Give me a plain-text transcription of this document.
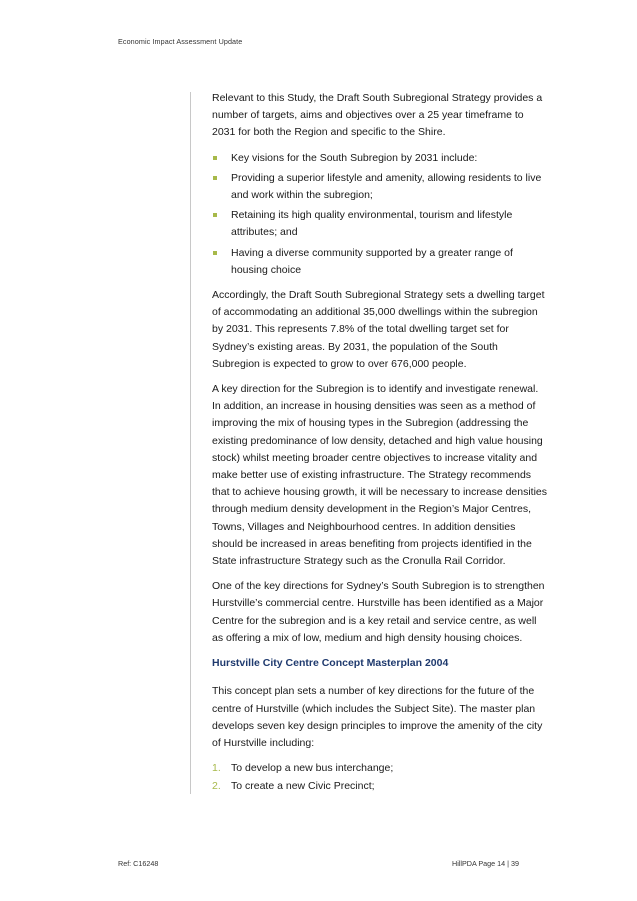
Economic Impact Assessment Update

Relevant to this Study, the Draft South Subregional Strategy provides a number of targets, aims and objectives over a 25 year timeframe to 2031 for both the Region and specific to the Shire.

Key visions for the South Subregion by 2031 include:
Providing a superior lifestyle and amenity, allowing residents to live and work within the subregion;
Retaining its high quality environmental, tourism and lifestyle attributes; and
Having a diverse community supported by a greater range of housing choice

Accordingly, the Draft South Subregional Strategy sets a dwelling target of accommodating an additional 35,000 dwellings within the subregion by 2031. This represents 7.8% of the total dwelling target set for Sydney’s existing areas. By 2031, the population of the South Subregion is expected to grow to over 676,000 people.

A key direction for the Subregion is to identify and investigate renewal. In addition, an increase in housing densities was seen as a method of improving the mix of housing types in the Subregion (addressing the existing predominance of low density, detached and high value housing stock) whilst meeting broader centre objectives to increase vitality and make better use of existing infrastructure. The Strategy recommends that to achieve housing growth, it will be necessary to increase densities through medium density development in the Region’s Major Centres, Towns, Villages and Neighbourhood centres. In addition densities should be increased in areas benefiting from projects identified in the State infrastructure Strategy such as the Cronulla Rail Corridor.

One of the key directions for Sydney’s South Subregion is to strengthen Hurstville’s commercial centre. Hurstville has been identified as a Major Centre for the subregion and is a key retail and service centre, as well as offering a mix of low, medium and high density housing choices.

Hurstville City Centre Concept Masterplan 2004

This concept plan sets a number of key directions for the future of the centre of Hurstville (which includes the Subject Site). The master plan develops seven key design principles to improve the amenity of the city of Hurstville including:

1. To develop a new bus interchange;
2. To create a new Civic Precinct;
Ref: C16248	HillPDA Page 14 | 39
